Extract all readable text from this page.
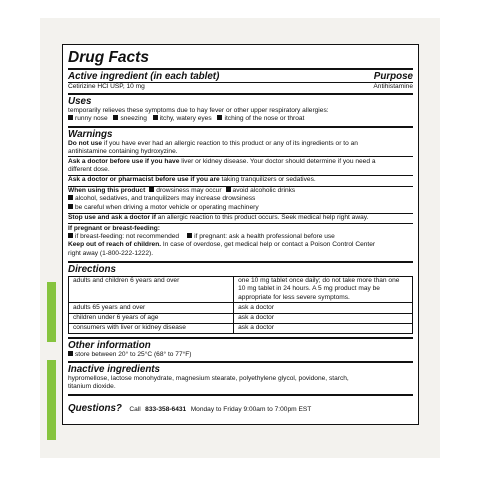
Drug Facts
Active ingredient (in each tablet)	Purpose
Cetirizine HCl USP, 10 mg	Antihistamine
Uses
temporarily relieves these symptoms due to hay fever or other upper respiratory allergies:
runny nose sneezing itchy, watery eyes itching of the nose or throat
Warnings
Do not use if you have ever had an allergic reaction to this product or any of its ingredients or to an
antihistamine containing hydroxyzine.
Ask a doctor before use if you have liver or kidney disease. Your doctor should determine if you need a
different dose.
Ask a doctor or pharmacist before use if you are taking tranquilizers or sedatives.
When using this product drowsiness may occur avoid alcoholic drinks
alcohol, sedatives, and tranquilizers may increase drowsiness
be careful when driving a motor vehicle or operating machinery
Stop use and ask a doctor if an allergic reaction to this product occurs. Seek medical help right away.
If pregnant or breast-feeding:
if breast-feeding: not recommended if pregnant: ask a health professional before use
Keep out of reach of children. In case of overdose, get medical help or contact a Poison Control Center
right away (1-800-222-1222).
Directions
adults and children 6 years and over	one 10 mg tablet once daily; do not take more than one
10 mg tablet in 24 hours. A 5 mg product may be
appropriate for less severe symptoms.

adults 65 years and over	ask a doctor
children under 6 years of age	ask a doctor
consumers with liver or kidney disease	ask a doctor
Other information
store between 20° to 25°C (68° to 77°F)
Inactive ingredients
hypromellose, lactose monohydrate, magnesium stearate, polyethylene glycol, povidone, starch,
titanium dioxide.
Questions? Call 833-358-6431 Monday to Friday 9:00am to 7:00pm EST
